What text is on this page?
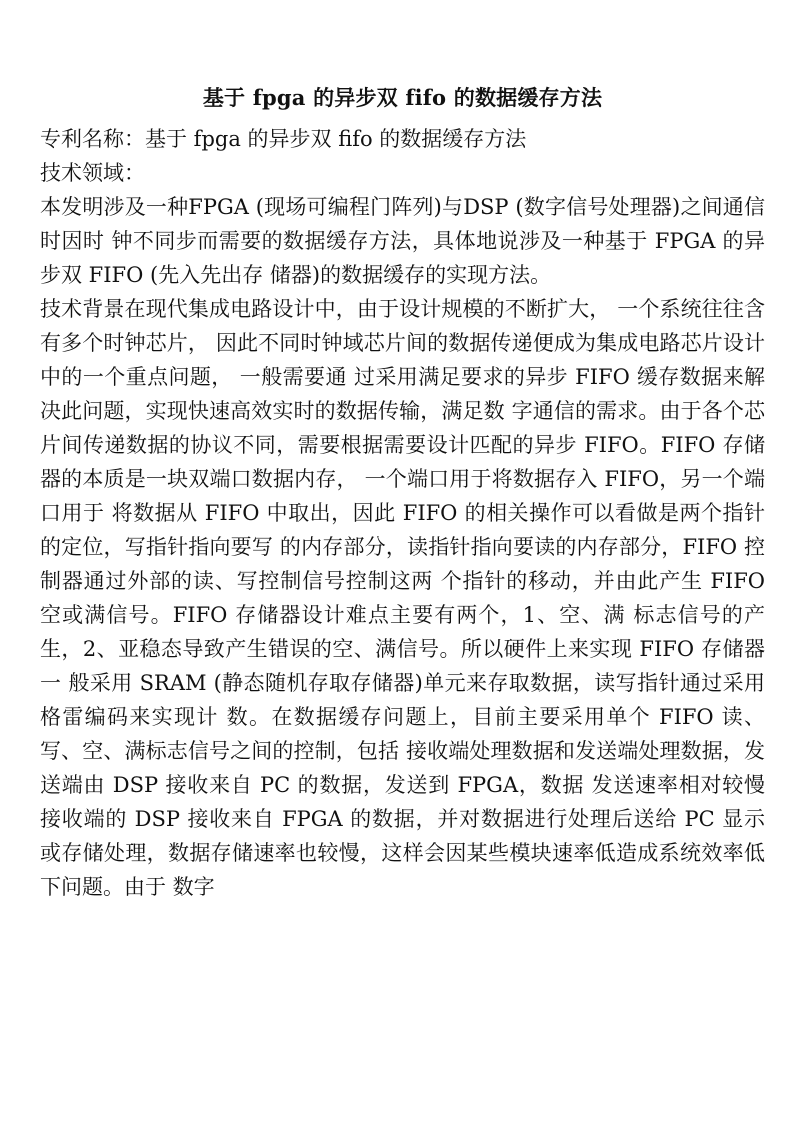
基于 fpga 的异步双 fifo 的数据缓存方法

专利名称：基于 fpga 的异步双 fifo 的数据缓存方法

技术领域：

本发明涉及一种FPGA (现场可编程门阵列)与DSP (数字信号处理器)之间通信时因时 钟不同步而需要的数据缓存方法，具体地说涉及一种基于 FPGA 的异步双 FIFO (先入先出存 储器)的数据缓存的实现方法。

技术背景在现代集成电路设计中，由于设计规模的不断扩大， 一个系统往往含有多个时钟芯片， 因此不同时钟域芯片间的数据传递便成为集成电路芯片设计中的一个重点问题， 一般需要通 过采用满足要求的异步 FIFO 缓存数据来解决此问题，实现快速高效实时的数据传输，满足数 字通信的需求。由于各个芯片间传递数据的协议不同，需要根据需要设计匹配的异步 FIFO。FIFO 存储器的本质是一块双端口数据内存， 一个端口用于将数据存入 FIFO，另一个端口用于 将数据从 FIFO 中取出，因此 FIFO 的相关操作可以看做是两个指针的定位，写指针指向要写 的内存部分，读指针指向要读的内存部分，FIFO 控制器通过外部的读、写控制信号控制这两 个指针的移动，并由此产生 FIFO 空或满信号。FIFO 存储器设计难点主要有两个，1、空、满 标志信号的产生，2、亚稳态导致产生错误的空、满信号。所以硬件上来实现 FIFO 存储器一 般采用 SRAM (静态随机存取存储器)单元来存取数据，读写指针通过采用格雷编码来实现计 数。在数据缓存问题上，目前主要采用单个 FIFO 读、写、空、满标志信号之间的控制，包括 接收端处理数据和发送端处理数据，发送端由 DSP 接收来自 PC 的数据，发送到 FPGA，数据 发送速率相对较慢 接收端的 DSP 接收来自 FPGA 的数据，并对数据进行处理后送给 PC 显示 或存储处理，数据存储速率也较慢，这样会因某些模块速率低造成系统效率低下问题。由于 数字
